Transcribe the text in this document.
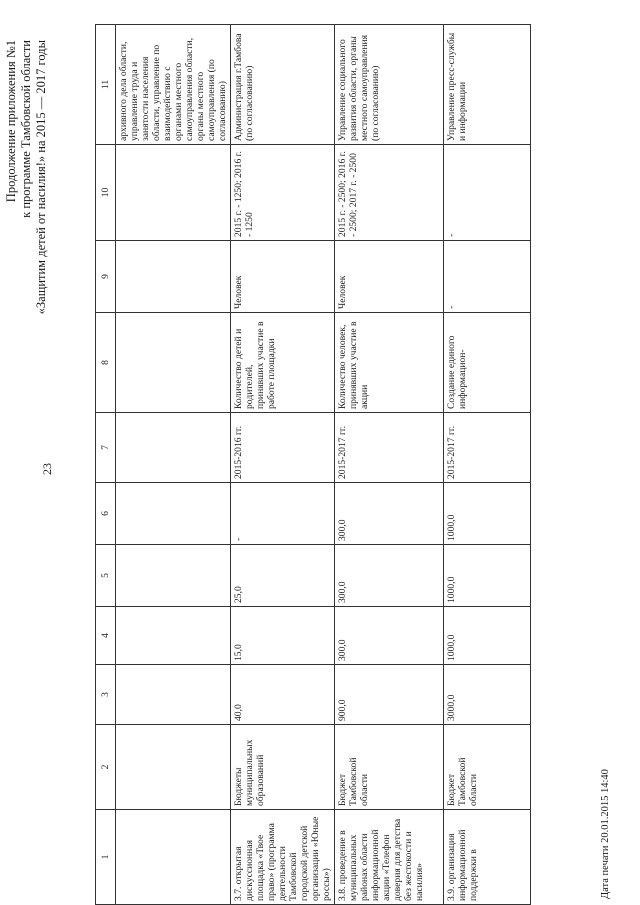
Продолжение приложения №1 к программе Тамбовской области «Защитим детей от насилия!» на 2015 — 2017 годы
23
1	2	3	4	5	6	7	8	9	10	11
										архивного дела области, управление труда и занятости населения области, управление по взаимодействию с органами местного самоуправления области, органы местного самоуправления (по согласованию)
3.7. открытая дискуссионная площадка «Твое право» (программа деятельности Тамбовской городской детской организации «Юные россы»)	Бюджеты муниципальных образований	40,0	15,0	25,0	-	2015-2016 гг.	Количество детей и родителей, принявших участие в работе площадки	Человек	2015 г. - 1250; 2016 г. - 1250	Администрация г.Тамбова (по согласованию)
3.8. проведение в муниципальных районах области информационной акции «Телефон доверия для детства без жестокости и насилия»	Бюджет Тамбовской области	900,0	300,0	300,0	300,0	2015-2017 гг.	Количество человек, принявших участие в акции	Человек	2015 г. - 2500; 2016 г. - 2500; 2017 г. - 2500	Управление социального развития области, органы местного самоуправления (по согласованию)
3.9. организация информационной поддержки в	Бюджет Тамбовской области	3000,0	1000,0	1000,0	1000,0	2015-2017 гг.	Создание единого информацион-	-	-	Управление пресс-службы и информации
Дата печати 20.01.2015 14:40
